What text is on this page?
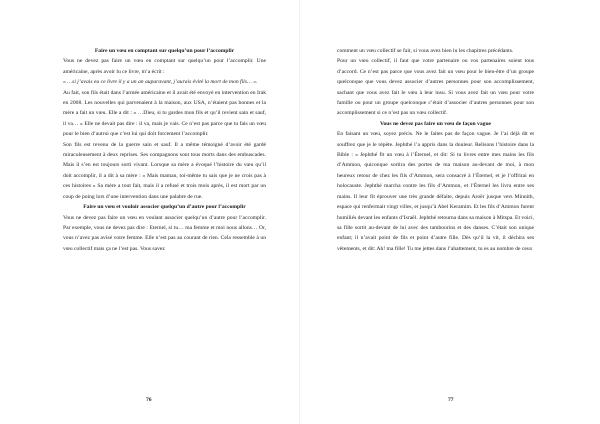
Faire un vœu en comptant sur quelqu’un pour l’accomplir

Vous ne devez pas faire un vœu en comptant sur quelqu’un pour l’accomplir. Une américaine, après avoir lu ce livre, m’a écrit :

« …si j’avais eu ce livre il y a un an auparavant, j’aurais évité la mort de mon fils… ».

Au fait, son fils était dans l’armée américaine et il avait été envoyé en intervention en Irak en 2008. Les nouvelles qui parvenaient à la maison, aux USA, n’étaient pas bonnes et la mère a fait un vœu. Elle a dit : « …Dieu, si tu gardes mon fils et qu’il revient sain et sauf, il va… » Elle ne devait pas dire : il va, mais je vais. Ce n’est pas parce que tu fais un vœu pour le bien d’autrui que c’est lui qui doit forcement l’accomplir.

Son fils est revenu de la guerre sain et sauf. Il a même témoigné d’avoir été gardé miraculeusement à deux reprises. Ses compagnons sont tous morts dans des embuscades. Mais il s’en est toujours sorti vivant. Lorsque sa mère a évoqué l’histoire du vœu qu’il doit accomplir, il a dit à sa mère : « Mais maman, toi-même tu sais que je ne crois pas à ces histoires » Sa mère a tout fait, mais il a refusé et trois mois après, il est mort par un coup de poing lors d’une intervention dans une palabre de rue.

Faire un vœu et vouloir associer quelqu’un d’autre pour l’accomplir

Vous ne devez pas faire un vœu en voulant associer quelqu’un d’autre pour l’accomplir. Par exemple, vous ne devez pas dire : Eternel, si tu… ma femme et moi nous allons… Or, vous n’avez pas avisé votre femme. Elle n’est pas au courant de rien. Cela ressemble à un vœu collectif mais ça ne l’est pas. Vous savez

comment un vœu collectif se fait, si vous avez bien lu les chapitres précédants.

Pour un vœu collectif, il faut que votre partenaire ou vos partenaires soient tous d’accord. Ce n’est pas parce que vous avez fait un vœu pour le bien-être d’un groupe quelconque que vous devez associer d’autres personnes pour son accomplissement, sachant que vous avez fait le vœu à leur insu. Si vous avez fait un vœu pour votre famille ou pour un groupe quelconque c’était d’associer d’autres personnes pour son accomplissement si ce n’est pas un vœu collectif.

Vous ne devez pas faire un vœu de façon vague

En faisant un vœu, soyez précis. Ne le faites pas de façon vague. Je l’ai déjà dit et souffrez que je le répète. Jephthé l’a appris dans la douleur. Relisons l’histoire dans la Bible : « Jephthé fit un vœu à l’Éternel, et dit: Si tu livres entre mes mains les fils d’Ammon, quiconque sortira des portes de ma maison au-devant de moi, à mon heureux retour de chez les fils d’Ammon, sera consacré à l’Éternel, et je l’offrirai en holocauste. Jephthé marcha contre les fils d’Ammon, et l’Éternel les livra entre ses mains. Il leur fit éprouver une très grande défaite, depuis Aroër jusque vers Minnith, espace qui renfermait vingt villes, et jusqu’à Abel Keramim. Et les fils d’Ammon furent humiliés devant les enfants d’Israël. Jephthé retourna dans sa maison à Mitspa. Et voici, sa fille sortit au-devant de lui avec des tambourins et des danses. C’était son unique enfant; il n’avait point de fils et point d’autre fille. Dès qu’il la vit, il déchira ses vêtements, et dit: Ah! ma fille! Tu me jettes dans l’abattement, tu es au nombre de ceux

76	77
